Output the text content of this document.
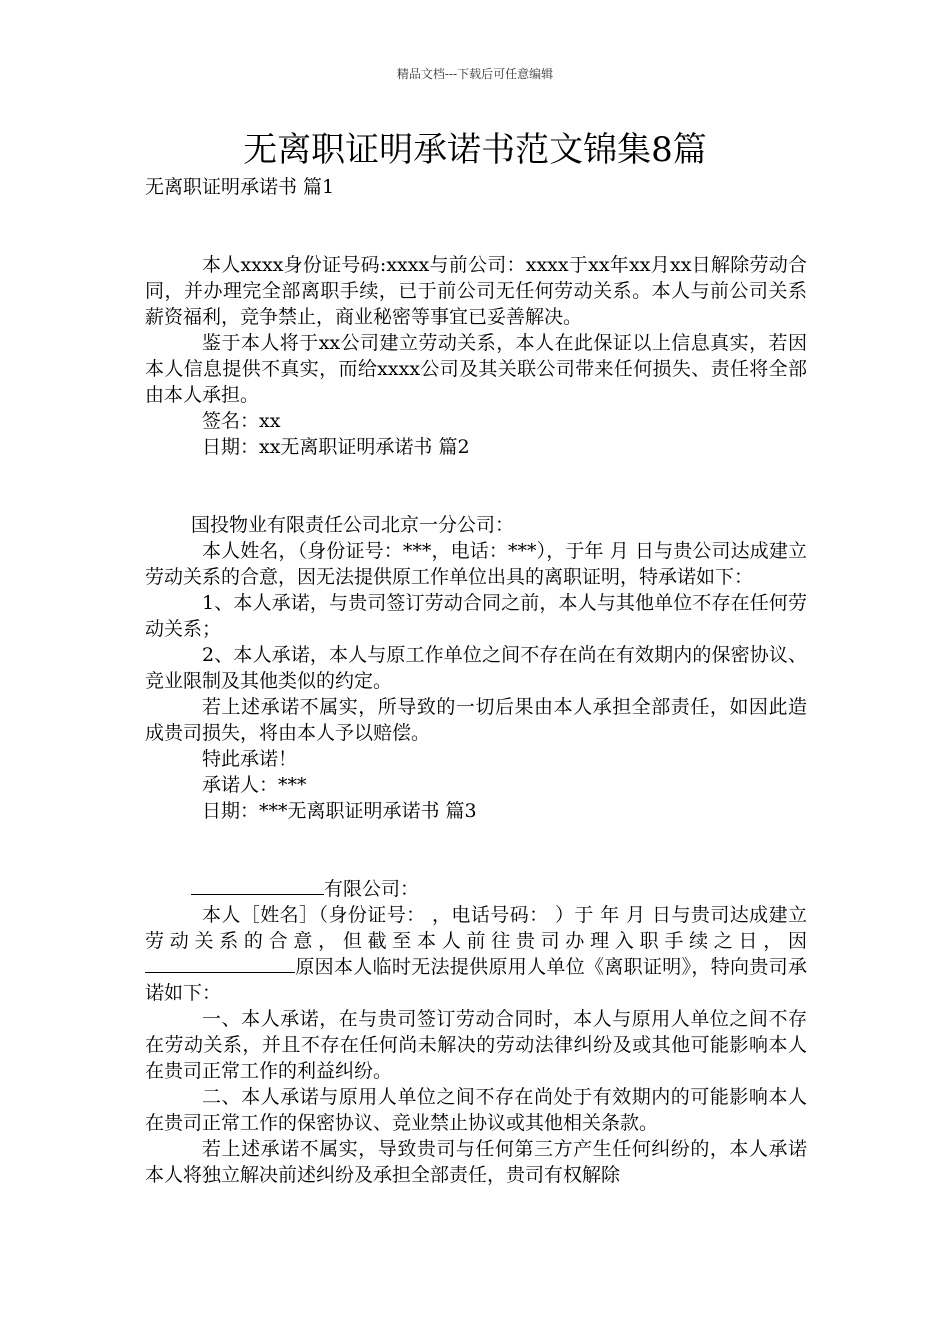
精品文档---下载后可任意编辑
无离职证明承诺书范文锦集8篇

无离职证明承诺书 篇1

本人xxxx身份证号码:xxxx与前公司：xxxx于xx年xx月xx日解除劳动合同，并办理完全部离职手续，已于前公司无任何劳动关系。本人与前公司关系薪资福利，竞争禁止，商业秘密等事宜已妥善解决。

鉴于本人将于xx公司建立劳动关系，本人在此保证以上信息真实，若因本人信息提供不真实，而给xxxx公司及其关联公司带来任何损失、责任将全部由本人承担。

签名：xx

日期：xx无离职证明承诺书 篇2

国投物业有限责任公司北京一分公司：

本人姓名，（身份证号：***，电话：***），于年 月 日与贵公司达成建立劳动关系的合意，因无法提供原工作单位出具的离职证明，特承诺如下：

1、本人承诺，与贵司签订劳动合同之前，本人与其他单位不存在任何劳动关系；

2、本人承诺，本人与原工作单位之间不存在尚在有效期内的保密协议、竞业限制及其他类似的约定。

若上述承诺不属实，所导致的一切后果由本人承担全部责任，如因此造成贵司损失，将由本人予以赔偿。

特此承诺！

承诺人：***

日期：***无离职证明承诺书 篇3

有限公司：

本人［姓名］（身份证号： ，电话号码： ）于 年 月 日与贵司达成建立劳动关系的合意，但截至本人前往贵司办理入职手续之日，因原因本人临时无法提供原用人单位《离职证明》，特向贵司承诺如下：

一、本人承诺，在与贵司签订劳动合同时，本人与原用人单位之间不存在劳动关系，并且不存在任何尚未解决的劳动法律纠纷及或其他可能影响本人在贵司正常工作的利益纠纷。

二、本人承诺与原用人单位之间不存在尚处于有效期内的可能影响本人在贵司正常工作的保密协议、竞业禁止协议或其他相关条款。

若上述承诺不属实，导致贵司与任何第三方产生任何纠纷的，本人承诺本人将独立解决前述纠纷及承担全部责任，贵司有权解除
